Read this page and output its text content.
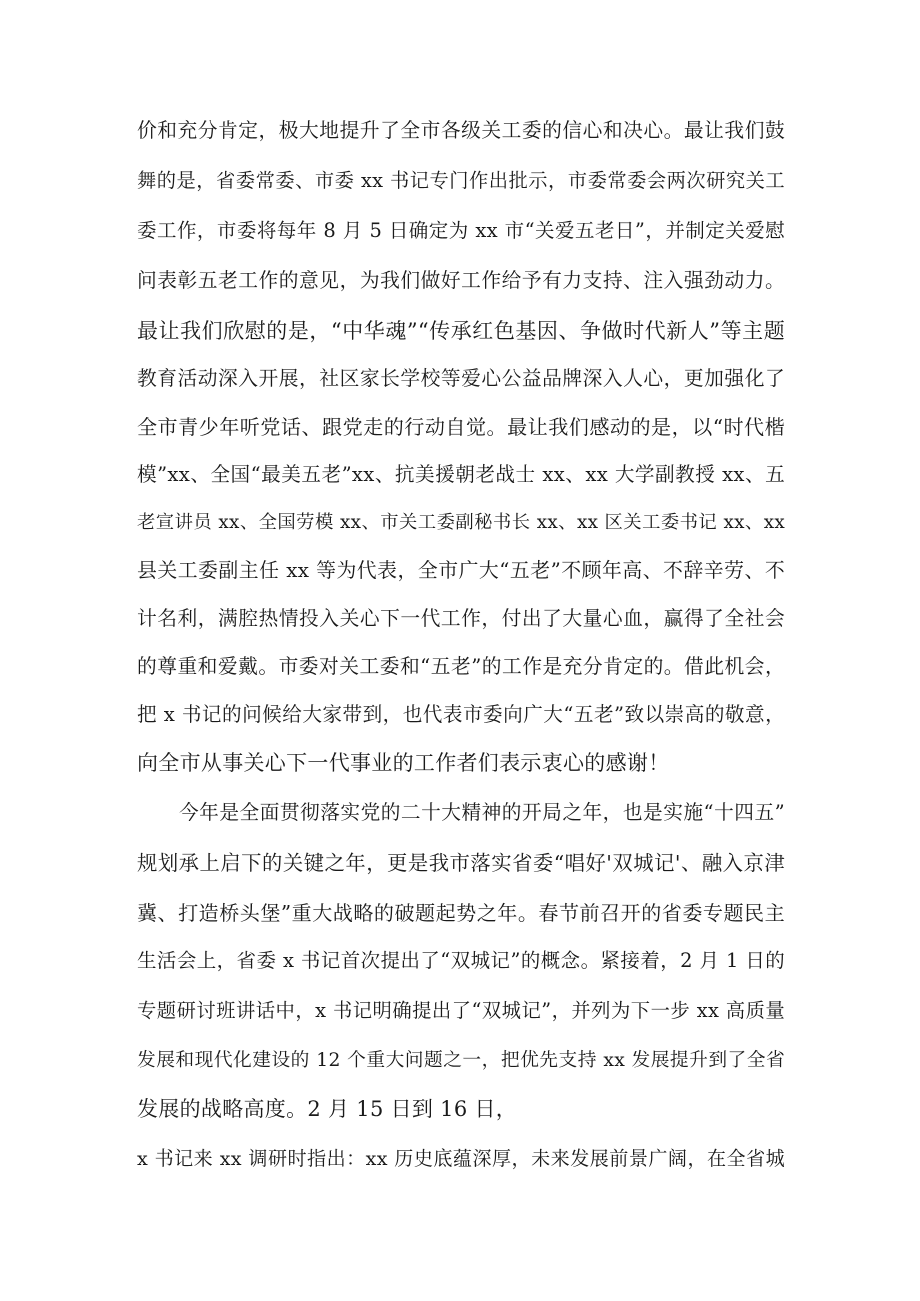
价和充分肯定，极大地提升了全市各级关工委的信心和决心。最让我们鼓
舞的是，省委常委、市委 xx 书记专门作出批示，市委常委会两次研究关工
委工作，市委将每年 8 月 5 日确定为 xx 市“关爱五老日”，并制定关爱慰
问表彰五老工作的意见，为我们做好工作给予有力支持、注入强劲动力。
最让我们欣慰的是，“中华魂”“传承红色基因、争做时代新人”等主题
教育活动深入开展，社区家长学校等爱心公益品牌深入人心，更加强化了
全市青少年听党话、跟党走的行动自觉。最让我们感动的是，以“时代楷
模”xx、全国“最美五老”xx、抗美援朝老战士 xx、xx 大学副教授 xx、五
老宣讲员 xx、全国劳模 xx、市关工委副秘书长 xx、xx 区关工委书记 xx、xx
县关工委副主任 xx 等为代表，全市广大“五老”不顾年高、不辞辛劳、不
计名利，满腔热情投入关心下一代工作，付出了大量心血，赢得了全社会
的尊重和爱戴。市委对关工委和“五老”的工作是充分肯定的。借此机会，
把 x 书记的问候给大家带到，也代表市委向广大“五老”致以崇高的敬意，
向全市从事关心下一代事业的工作者们表示衷心的感谢！
今年是全面贯彻落实党的二十大精神的开局之年，也是实施“十四五”
规划承上启下的关键之年，更是我市落实省委“唱好'双城记'、融入京津
冀、打造桥头堡”重大战略的破题起势之年。春节前召开的省委专题民主
生活会上，省委 x 书记首次提出了“双城记”的概念。紧接着，2 月 1 日的
专题研讨班讲话中，x 书记明确提出了“双城记”，并列为下一步 xx 高质量
发展和现代化建设的 12 个重大问题之一，把优先支持 xx 发展提升到了全省
发展的战略高度。2 月 15 日到 16 日，
x 书记来 xx 调研时指出：xx 历史底蕴深厚，未来发展前景广阔，在全省城
